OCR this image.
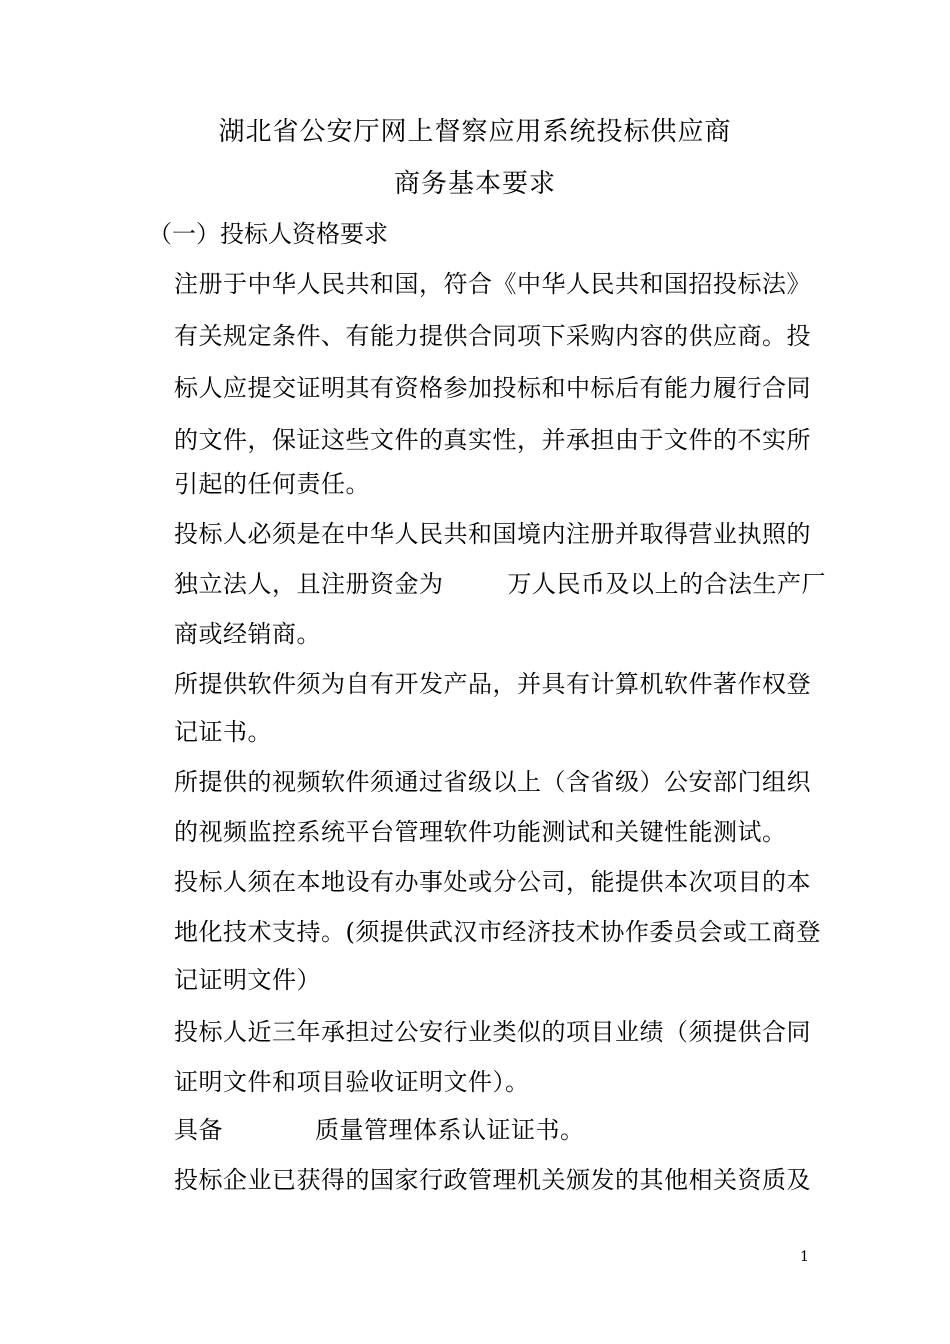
湖北省公安厅网上督察应用系统投标供应商
商务基本要求
（一）投标人资格要求
注册于中华人民共和国，符合《中华人民共和国招投标法》
有关规定条件、有能力提供合同项下采购内容的供应商。投
标人应提交证明其有资格参加投标和中标后有能力履行合同
的文件，保证这些文件的真实性，并承担由于文件的不实所
引起的任何责任。
投标人必须是在中华人民共和国境内注册并取得营业执照的
独立法人，且注册资金为	万人民币及以上的合法生产厂
商或经销商。
所提供软件须为自有开发产品，并具有计算机软件著作权登
记证书。
所提供的视频软件须通过省级以上（含省级）公安部门组织
的视频监控系统平台管理软件功能测试和关键性能测试。
投标人须在本地设有办事处或分公司，能提供本次项目的本
地化技术支持。(须提供武汉市经济技术协作委员会或工商登
记证明文件）
投标人近三年承担过公安行业类似的项目业绩（须提供合同
证明文件和项目验收证明文件）。
具备	质量管理体系认证证书。
投标企业已获得的国家行政管理机关颁发的其他相关资质及
1
